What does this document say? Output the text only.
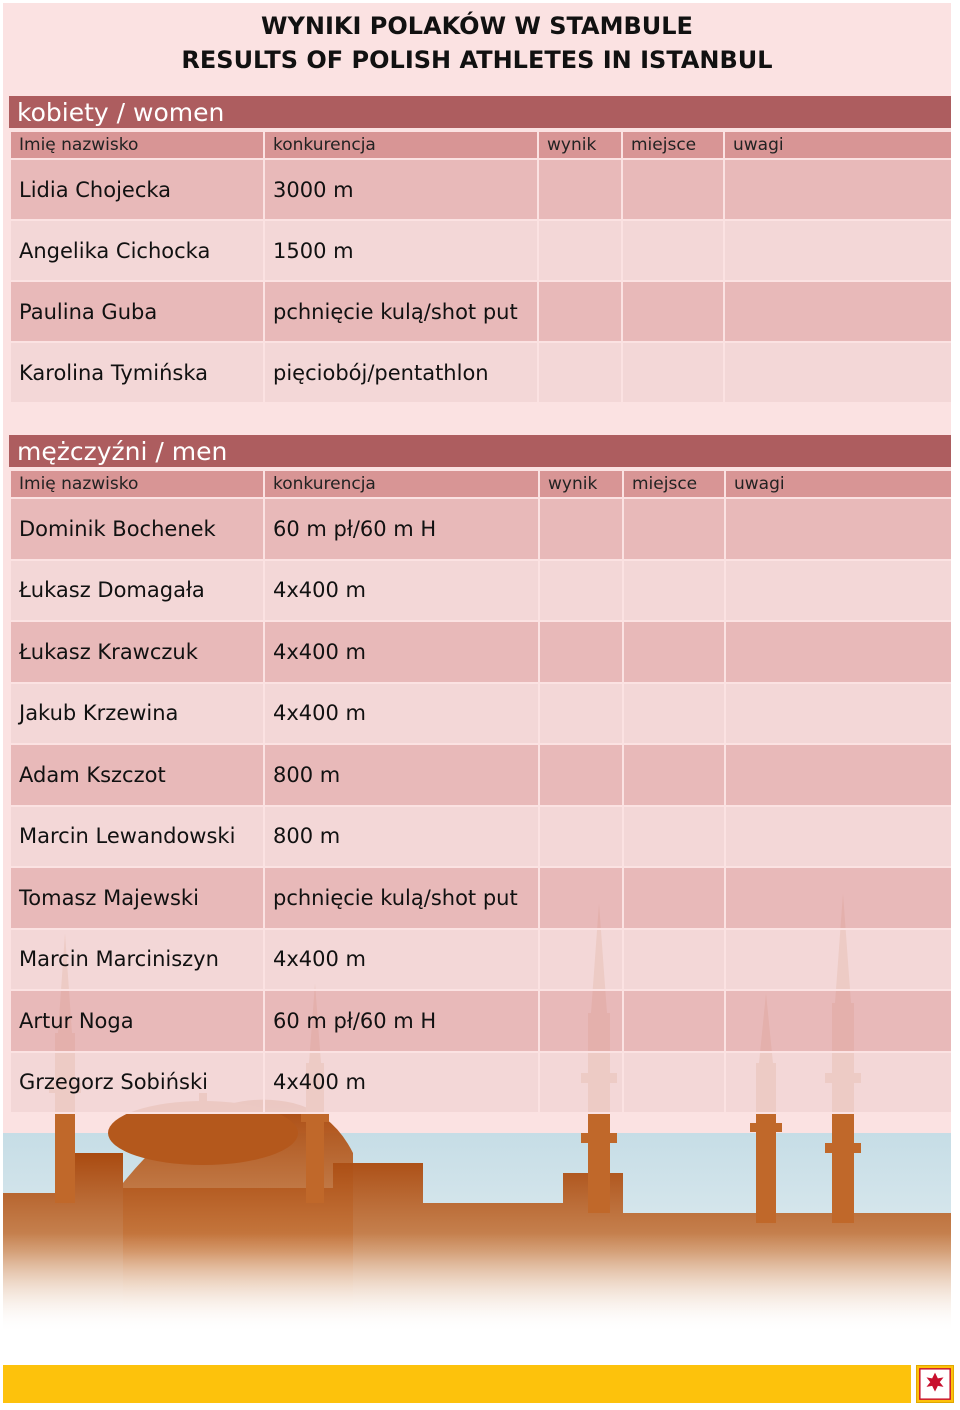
WYNIKI POLAKÓW W STAMBULE
RESULTS OF POLISH ATHLETES IN ISTANBUL
kobiety / women
Imię nazwisko	konkurencja	wynik	miejsce	uwagi
Lidia Chojecka	3000 m			
Angelika Cichocka	1500 m			
Paulina Guba	pchnięcie kulą/shot put			
Karolina Tymińska	pięciobój/pentathlon			
mężczyźni / men
Imię nazwisko	konkurencja	wynik	miejsce	uwagi
Dominik Bochenek	60 m pł/60 m H			
Łukasz Domagała	4x400 m			
Łukasz Krawczuk	4x400 m			
Jakub Krzewina	4x400 m			
Adam Kszczot	800 m			
Marcin Lewandowski	800 m			
Tomasz Majewski	pchnięcie kulą/shot put			
Marcin Marciniszyn	4x400 m			
Artur Noga	60 m pł/60 m H			
Grzegorz Sobiński	4x400 m			
